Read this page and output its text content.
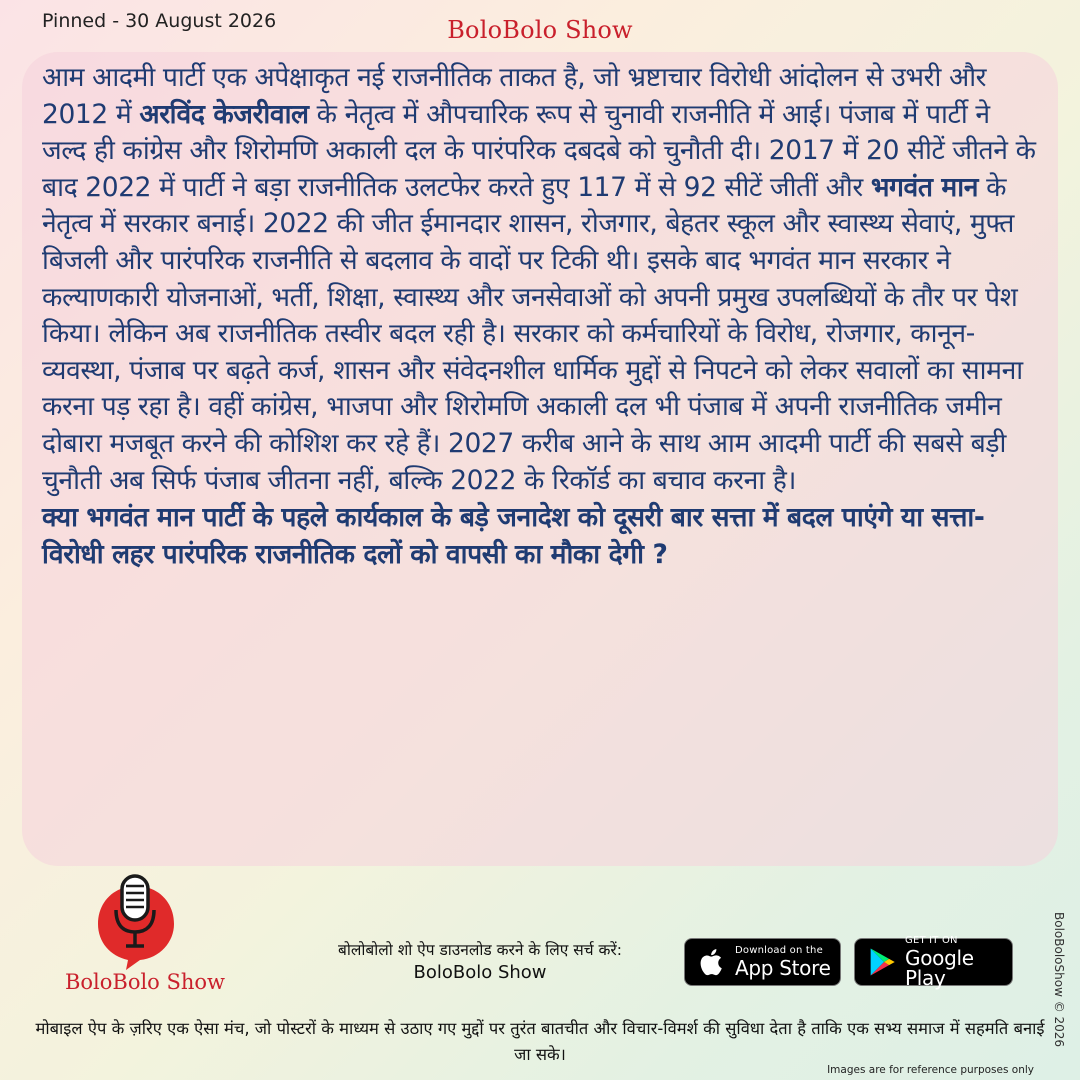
Pinned - 30 August 2026	BoloBolo Show

आम आदमी पार्टी एक अपेक्षाकृत नई राजनीतिक ताकत है, जो भ्रष्टाचार विरोधी आंदोलन से उभरी और 2012 में अरविंद केजरीवाल के नेतृत्व में औपचारिक रूप से चुनावी राजनीति में आई। पंजाब में पार्टी ने जल्द ही कांग्रेस और शिरोमणि अकाली दल के पारंपरिक दबदबे को चुनौती दी। 2017 में 20 सीटें जीतने के बाद 2022 में पार्टी ने बड़ा राजनीतिक उलटफेर करते हुए 117 में से 92 सीटें जीतीं और भगवंत मान के नेतृत्व में सरकार बनाई। 2022 की जीत ईमानदार शासन, रोजगार, बेहतर स्कूल और स्वास्थ्य सेवाएं, मुफ्त बिजली और पारंपरिक राजनीति से बदलाव के वादों पर टिकी थी। इसके बाद भगवंत मान सरकार ने कल्याणकारी योजनाओं, भर्ती, शिक्षा, स्वास्थ्य और जनसेवाओं को अपनी प्रमुख उपलब्धियों के तौर पर पेश किया। लेकिन अब राजनीतिक तस्वीर बदल रही है। सरकार को कर्मचारियों के विरोध, रोजगार, कानून-व्यवस्था, पंजाब पर बढ़ते कर्ज, शासन और संवेदनशील धार्मिक मुद्दों से निपटने को लेकर सवालों का सामना करना पड़ रहा है। वहीं कांग्रेस, भाजपा और शिरोमणि अकाली दल भी पंजाब में अपनी राजनीतिक जमीन दोबारा मजबूत करने की कोशिश कर रहे हैं। 2027 करीब आने के साथ आम आदमी पार्टी की सबसे बड़ी चुनौती अब सिर्फ पंजाब जीतना नहीं, बल्कि 2022 के रिकॉर्ड का बचाव करना है।

क्या भगवंत मान पार्टी के पहले कार्यकाल के बड़े जनादेश को दूसरी बार सत्ता में बदल पाएंगे या सत्ता-विरोधी लहर पारंपरिक राजनीतिक दलों को वापसी का मौका देगी ?

BoloBolo Show
बोलोबोलो शो ऐप डाउनलोड करने के लिए सर्च करें:
BoloBolo Show
Download on the
App Store
GET IT ON
Google Play
मोबाइल ऐप के ज़रिए एक ऐसा मंच, जो पोस्टरों के माध्यम से उठाए गए मुद्दों पर तुरंत बातचीत और विचार-विमर्श की सुविधा देता है ताकि एक सभ्य समाज में सहमति बनाई जा सके।
Images are for reference purposes only
BoloBoloShow © 2026
